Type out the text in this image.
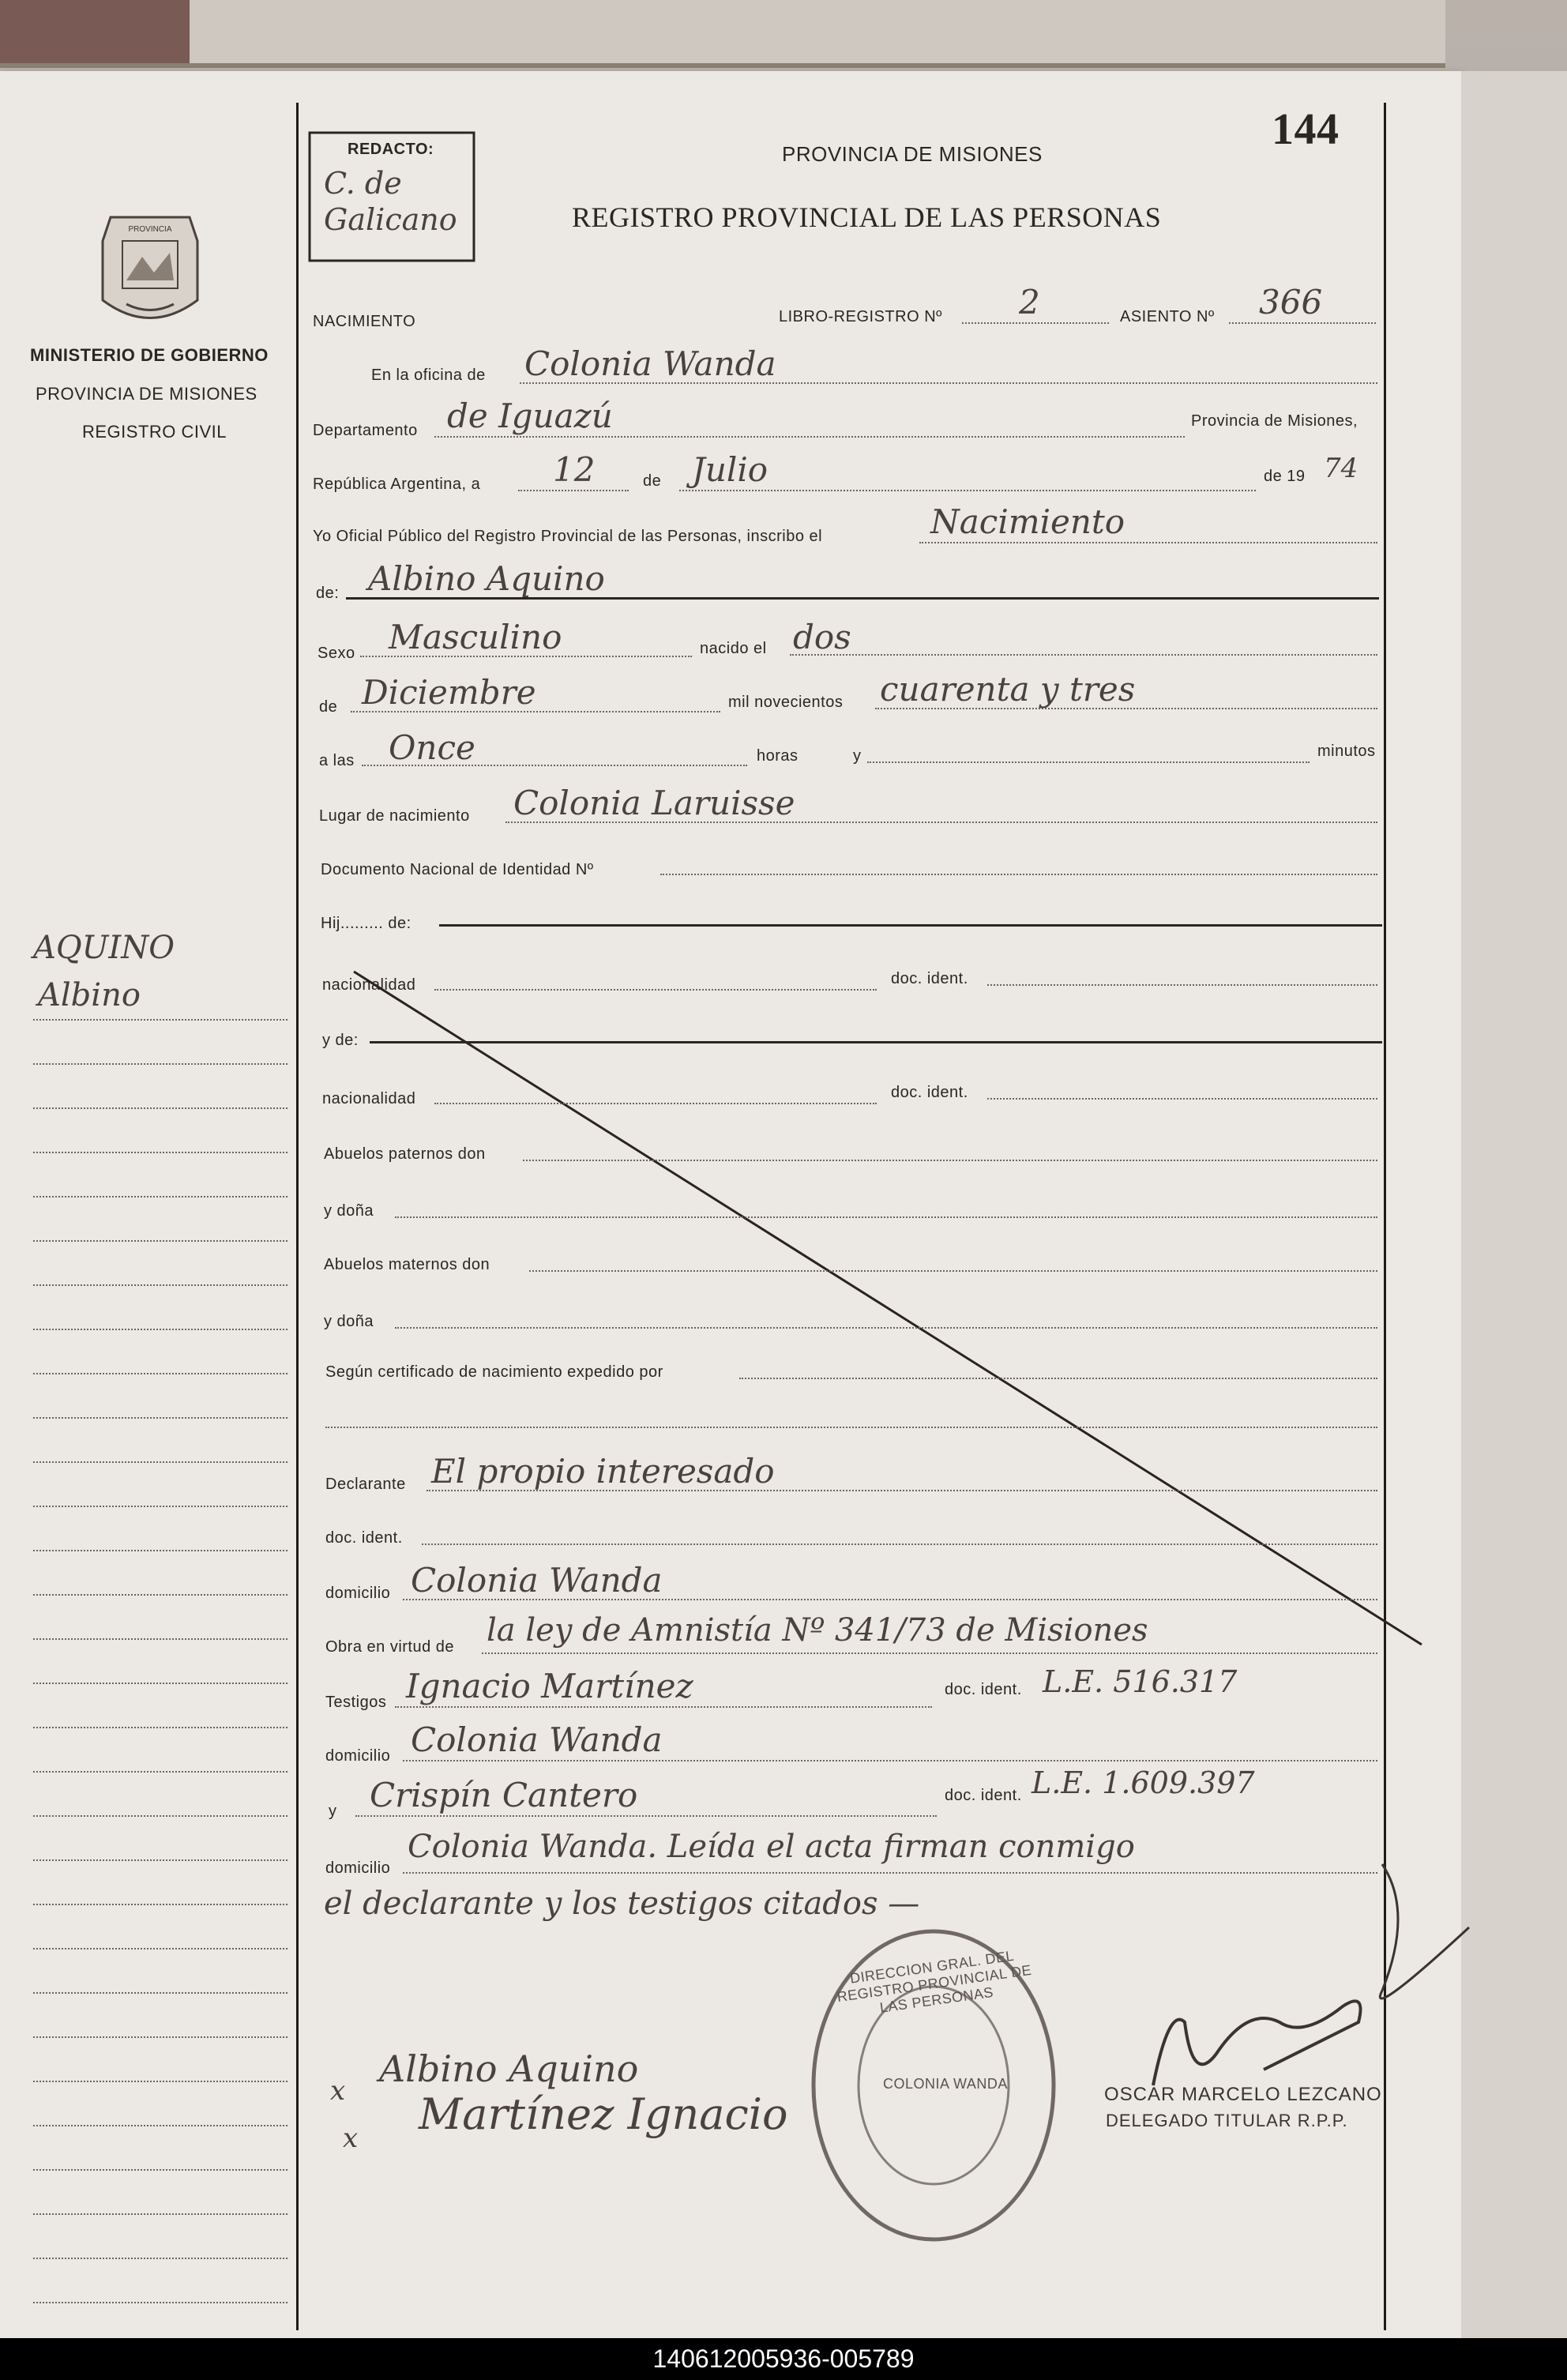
PROVINCIA
MINISTERIO DE GOBIERNO
PROVINCIA DE MISIONES
REGISTRO CIVIL
AQUINO
Albino
REDACTO:
C. de Galicano
PROVINCIA DE MISIONES
REGISTRO PROVINCIAL DE LAS PERSONAS
144
NACIMIENTO	LIBRO-REGISTRO Nº 2	ASIENTO Nº 366
En la oficina de Colonia Wanda
Departamento de Iguazú	Provincia de Misiones,
República Argentina, a 12	de Julio	de 19 74
Yo Oficial Público del Registro Provincial de las Personas, inscribo el	Nacimiento
de: Albino Aquino
Sexo Masculino	nacido el dos
de Diciembre	mil novecientos cuarenta y tres
a las Once	horas	y	minutos
Lugar de nacimiento Colonia Laruisse
Documento Nacional de Identidad Nº
Hij......... de:
nacionalidad	doc. ident.
y de:
nacionalidad	doc. ident.
Abuelos paternos don
y doña
Abuelos maternos don
y doña
Según certificado de nacimiento expedido por
Declarante El propio interesado
doc. ident.
domicilio Colonia Wanda
Obra en virtud de la ley de Amnistía Nº 341/73 de Misiones
Testigos Ignacio Martínez	doc. ident. L.E. 516.317
domicilio Colonia Wanda
y Crispín Cantero	doc. ident. L.E. 1.609.397
domicilio
Colonia Wanda. Leída el acta firman conmigo
el declarante y los testigos citados —
x
Albino Aquino
x Martínez Ignacio
DIRECCION GRAL. DEL REGISTRO PROVINCIAL DE LAS PERSONAS
COLONIA WANDA	OSCAR MARCELO LEZCANO
DELEGADO TITULAR R.P.P.
140612005936-005789
